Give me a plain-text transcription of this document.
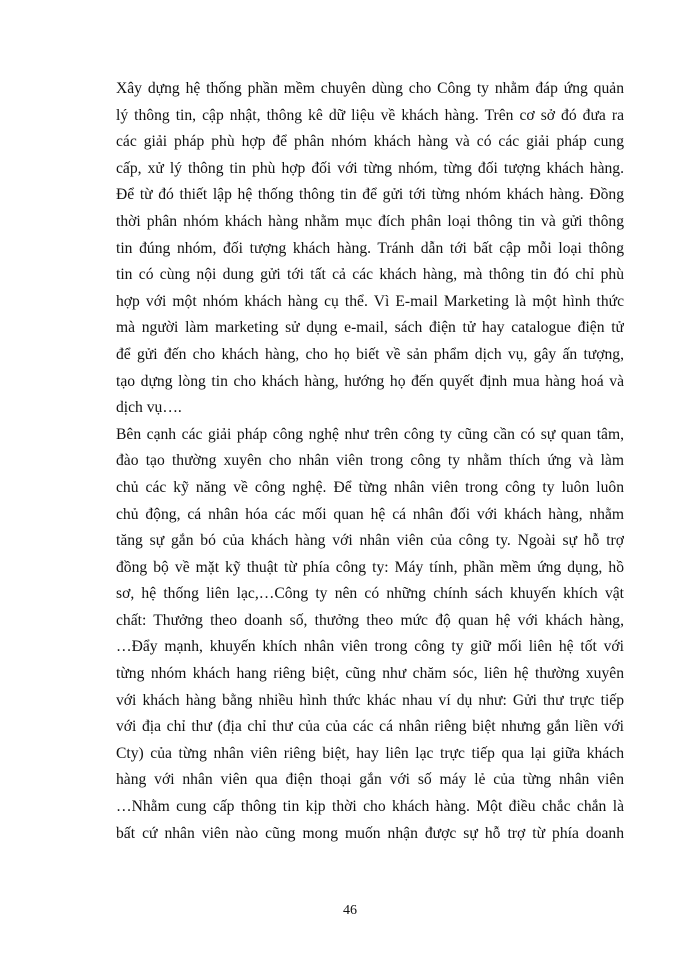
Xây dựng hệ thống phần mềm chuyên dùng cho Công ty nhằm đáp ứng quản
lý thông tin, cập nhật, thông kê dữ liệu về khách hàng. Trên cơ sở đó đưa ra
các giải pháp phù hợp để phân nhóm khách hàng và có các giải pháp cung
cấp, xử lý thông tin phù hợp đối với từng nhóm, từng đối tượng khách hàng.
Để từ đó thiết lập hệ thống thông tin để gửi tới từng nhóm khách hàng. Đồng
thời phân nhóm khách hàng nhằm mục đích phân loại thông tin và gửi thông
tin đúng nhóm, đối tượng khách hàng. Tránh dẫn tới bất cập mỗi loại thông
tin có cùng nội dung gửi tới tất cả các khách hàng, mà thông tin đó chỉ phù
hợp với một nhóm khách hàng cụ thể. Vì E-mail Marketing là một hình thức
mà người làm marketing sử dụng e-mail, sách điện tử hay catalogue điện tử
để gửi đến cho khách hàng, cho họ biết về sản phẩm dịch vụ, gây ấn tượng,
tạo dựng lòng tin cho khách hàng, hướng họ đến quyết định mua hàng hoá và
dịch vụ….
Bên cạnh các giải pháp công nghệ như trên công ty cũng cần có sự quan tâm,
đào tạo thường xuyên cho nhân viên trong công ty nhằm thích ứng và làm
chủ các kỹ năng về công nghệ. Để từng nhân viên trong công ty luôn luôn
chủ động, cá nhân hóa các mối quan hệ cá nhân đối với khách hàng, nhằm
tăng sự gắn bó của khách hàng với nhân viên của công ty. Ngoài sự hỗ trợ
đồng bộ về mặt kỹ thuật từ phía công ty: Máy tính, phần mềm ứng dụng, hồ
sơ, hệ thống liên lạc,…Công ty nên có những chính sách khuyến khích vật
chất: Thưởng theo doanh số, thưởng theo mức độ quan hệ với khách hàng,
…Đẩy mạnh, khuyến khích nhân viên trong công ty giữ mối liên hệ tốt với
từng nhóm khách hang riêng biệt, cũng như chăm sóc, liên hệ thường xuyên
với khách hàng bằng nhiều hình thức khác nhau ví dụ như: Gửi thư trực tiếp
với địa chỉ thư (địa chỉ thư của của các cá nhân riêng biệt nhưng gắn liền với
Cty) của từng nhân viên riêng biệt, hay liên lạc trực tiếp qua lại giữa khách
hàng với nhân viên qua điện thoại gắn với số máy lẻ của từng nhân viên
…Nhằm cung cấp thông tin kịp thời cho khách hàng. Một điều chắc chắn là
bất cứ nhân viên nào cũng mong muốn nhận được sự hỗ trợ từ phía doanh
46
